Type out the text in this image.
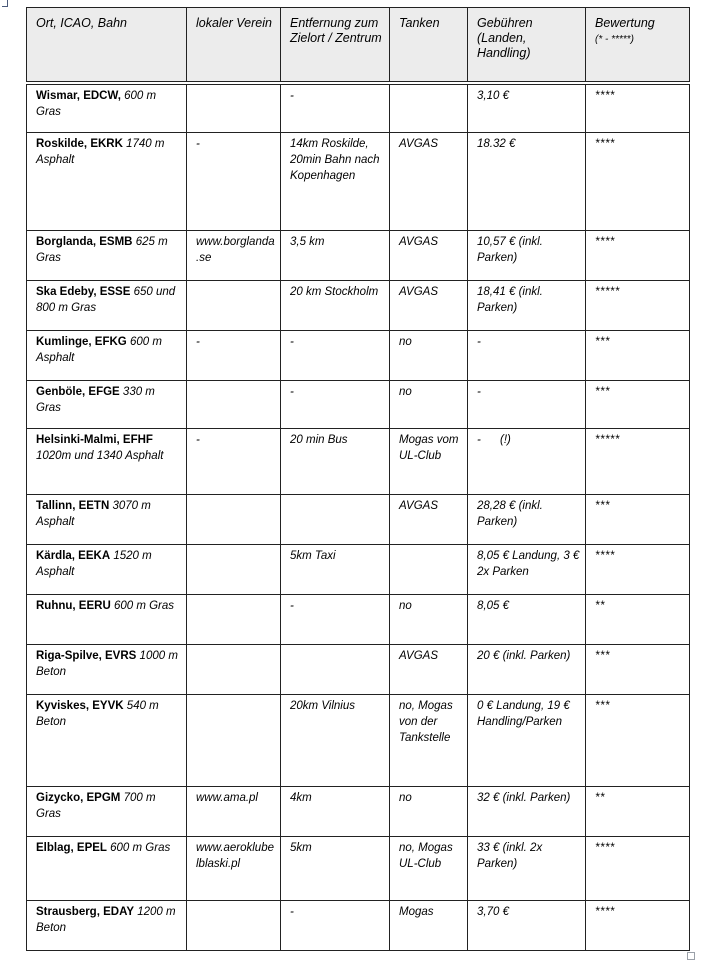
Ort, ICAO, Bahn	lokaler Verein	Entfernung zum Zielort / Zentrum	Tanken	Gebühren (Landen, Handling)	Bewertung
(* - *****)
Wismar, EDCW, 600 m Gras		-		3,10 €	****
Roskilde, EKRK 1740 m Asphalt	-	14km Roskilde, 20min Bahn nach Kopenhagen	AVGAS	18.32 €	****
Borglanda, ESMB 625 m Gras	www.borglanda.se	3,5 km	AVGAS	10,57 € (inkl. Parken)	****
Ska Edeby, ESSE 650 und 800 m Gras		20 km Stockholm	AVGAS	18,41 € (inkl. Parken)	*****
Kumlinge, EFKG 600 m Asphalt	-	-	no	-	***
Genböle, EFGE 330 m Gras		-	no	-	***
Helsinki-Malmi, EFHF 1020m und 1340 Asphalt	-	20 min Bus	Mogas vom UL-Club	-      (!)	*****
Tallinn, EETN 3070 m Asphalt			AVGAS	28,28 € (inkl. Parken)	***
Kärdla, EEKA 1520 m Asphalt		5km Taxi		8,05 € Landung, 3 € 2x Parken	****
Ruhnu, EERU 600 m Gras		-	no	8,05 €	**
Riga-Spilve, EVRS 1000 m Beton			AVGAS	20 € (inkl. Parken)	***
Kyviskes, EYVK 540 m Beton		20km Vilnius	no, Mogas von der Tankstelle	0 € Landung, 19 € Handling/Parken	***
Gizycko, EPGM 700 m Gras	www.ama.pl	4km	no	32 € (inkl. Parken)	**
Elblag, EPEL 600 m Gras	www.aeroklubelblaski.pl	5km	no, Mogas UL-Club	33 € (inkl. 2x Parken)	****
Strausberg, EDAY 1200 m Beton		-	Mogas	3,70 €	****
